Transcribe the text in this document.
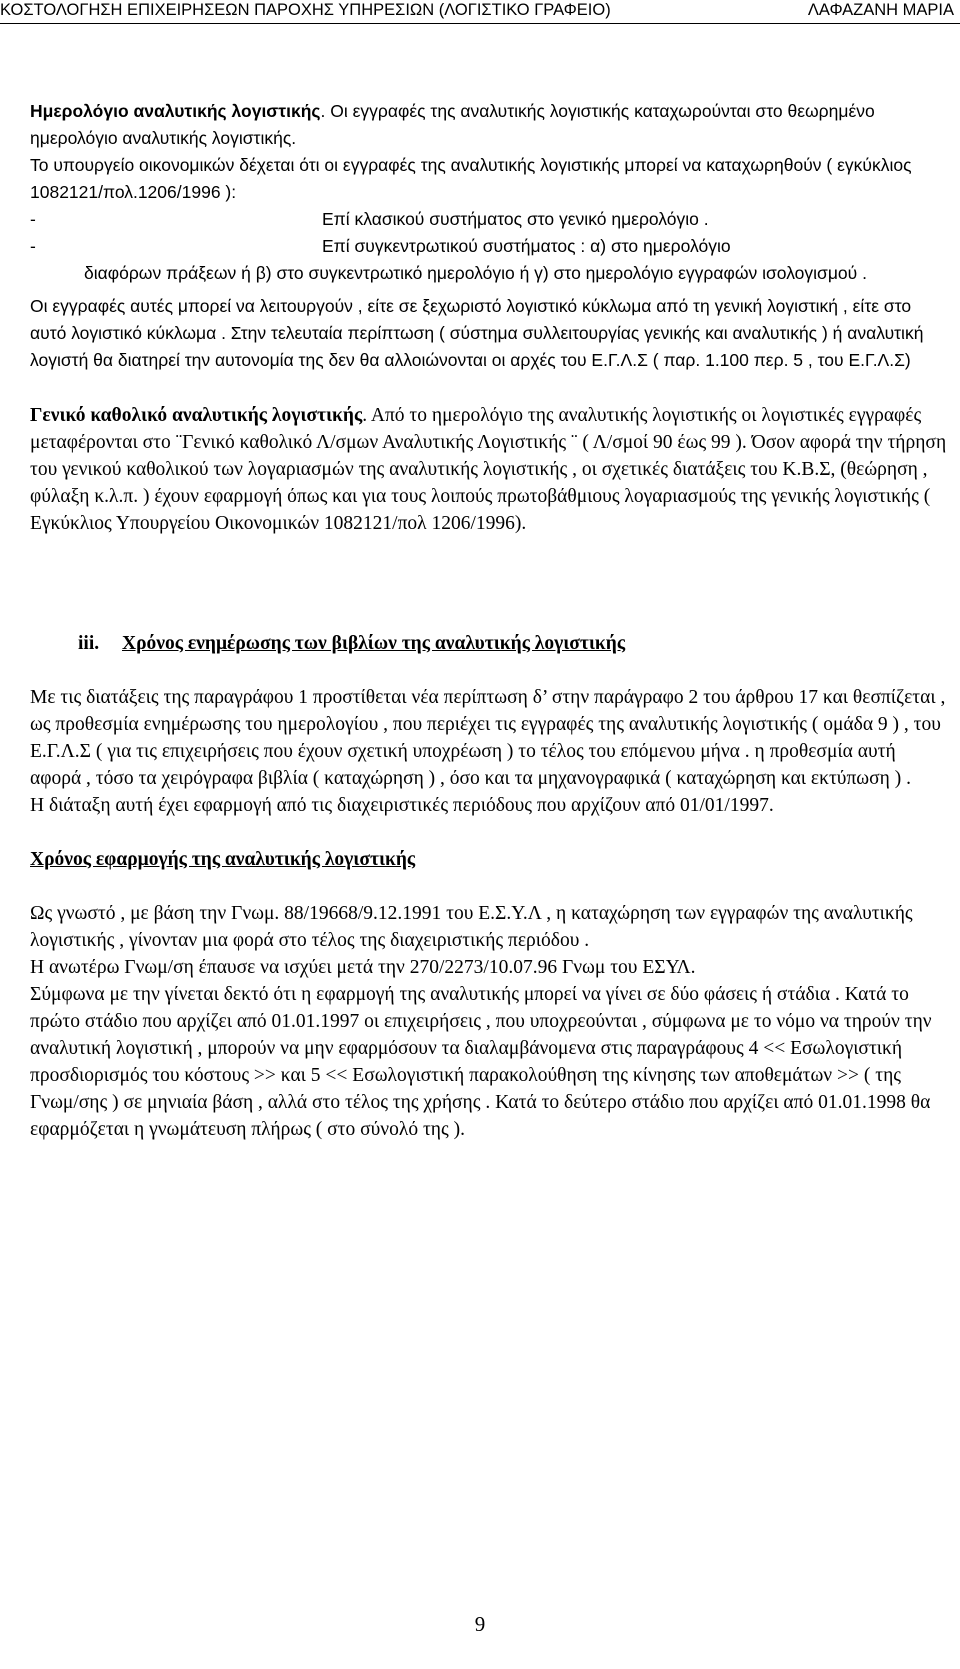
ΚΟΣΤΟΛΟΓΗΣΗ ΕΠΙΧΕΙΡΗΣΕΩΝ ΠΑΡΟΧΗΣ ΥΠΗΡΕΣΙΩΝ (ΛΟΓΙΣΤΙΚΟ ΓΡΑΦΕΙΟ)	ΛΑΦΑΖΑΝΗ ΜΑΡΙΑ

Ημερολόγιο αναλυτικής λογιστικής. Οι εγγραφές της αναλυτικής λογιστικής καταχωρούνται στο θεωρημένο ημερολόγιο αναλυτικής λογιστικής.

Το υπουργείο οικονομικών δέχεται ότι οι εγγραφές της αναλυτικής λογιστικής μπορεί να καταχωρηθούν ( εγκύκλιος 1082121/πολ.1206/1996 ):

-	Επί κλασικού συστήματος στο γενικό ημερολόγιο .
-	Επί συγκεντρωτικού συστήματος : α) στο ημερολόγιο

διαφόρων πράξεων ή β) στο συγκεντρωτικό ημερολόγιο ή γ) στο ημερολόγιο εγγραφών ισολογισμού .

Οι εγγραφές αυτές μπορεί να λειτουργούν , είτε σε ξεχωριστό λογιστικό κύκλωμα από τη γενική λογιστική , είτε στο αυτό λογιστικό κύκλωμα . Στην τελευταία περίπτωση ( σύστημα συλλειτουργίας γενικής και αναλυτικής ) ή αναλυτική λογιστή θα διατηρεί την αυτονομία της δεν θα αλλοιώνονται οι αρχές του Ε.Γ.Λ.Σ ( παρ. 1.100 περ. 5 , του Ε.Γ.Λ.Σ)

Γενικό καθολικό αναλυτικής λογιστικής. Από το ημερολόγιο της αναλυτικής λογιστικής οι λογιστικές εγγραφές μεταφέρονται στο ¨Γενικό καθολικό Λ/σμων Αναλυτικής Λογιστικής ¨ ( Λ/σμοί 90 έως 99 ). Όσον αφορά την τήρηση του γενικού καθολικού των λογαριασμών της αναλυτικής λογιστικής , οι σχετικές διατάξεις του Κ.Β.Σ, (θεώρηση , φύλαξη κ.λ.π. ) έχουν εφαρμογή όπως και για τους λοιπούς πρωτοβάθμιους λογαριασμούς της γενικής λογιστικής ( Εγκύκλιος Υπουργείου Οικονομικών 1082121/πολ 1206/1996).

iii. Χρόνος ενημέρωσης των βιβλίων της αναλυτικής λογιστικής

Με τις διατάξεις της παραγράφου 1 προστίθεται νέα περίπτωση δ’ στην παράγραφο 2 του άρθρου 17 και θεσπίζεται , ως προθεσμία ενημέρωσης του ημερολογίου , που περιέχει τις εγγραφές της αναλυτικής λογιστικής ( ομάδα 9 ) , του Ε.Γ.Λ.Σ ( για τις επιχειρήσεις που έχουν σχετική υποχρέωση ) το τέλος του επόμενου μήνα . η προθεσμία αυτή αφορά , τόσο τα χειρόγραφα βιβλία ( καταχώρηση ) , όσο και τα μηχανογραφικά ( καταχώρηση και εκτύπωση ) .

Η διάταξη αυτή έχει εφαρμογή από τις διαχειριστικές περιόδους που αρχίζουν από 01/01/1997.

Χρόνος εφαρμογής της αναλυτικής λογιστικής

Ως γνωστό , με βάση την Γνωμ. 88/19668/9.12.1991 του Ε.Σ.Υ.Λ , η καταχώρηση των εγγραφών της αναλυτικής λογιστικής , γίνονταν μια φορά στο τέλος της διαχειριστικής περιόδου .

Η ανωτέρω Γνωμ/ση έπαυσε να ισχύει μετά την 270/2273/10.07.96 Γνωμ του ΕΣΥΛ.

Σύμφωνα με την γίνεται δεκτό ότι η εφαρμογή της αναλυτικής μπορεί να γίνει σε δύο φάσεις ή στάδια . Κατά το πρώτο στάδιο που αρχίζει από 01.01.1997 οι επιχειρήσεις , που υποχρεούνται , σύμφωνα με το νόμο να τηρούν την αναλυτική λογιστική , μπορούν να μην εφαρμόσουν τα διαλαμβάνομενα στις παραγράφους 4 << Εσωλογιστική προσδιορισμός του κόστους >> και 5 << Εσωλογιστική παρακολούθηση της κίνησης των αποθεμάτων >> ( της Γνωμ/σης ) σε μηνιαία βάση , αλλά στο τέλος της χρήσης . Κατά το δεύτερο στάδιο που αρχίζει από 01.01.1998 θα εφαρμόζεται η γνωμάτευση πλήρως ( στο σύνολό της ).

9
